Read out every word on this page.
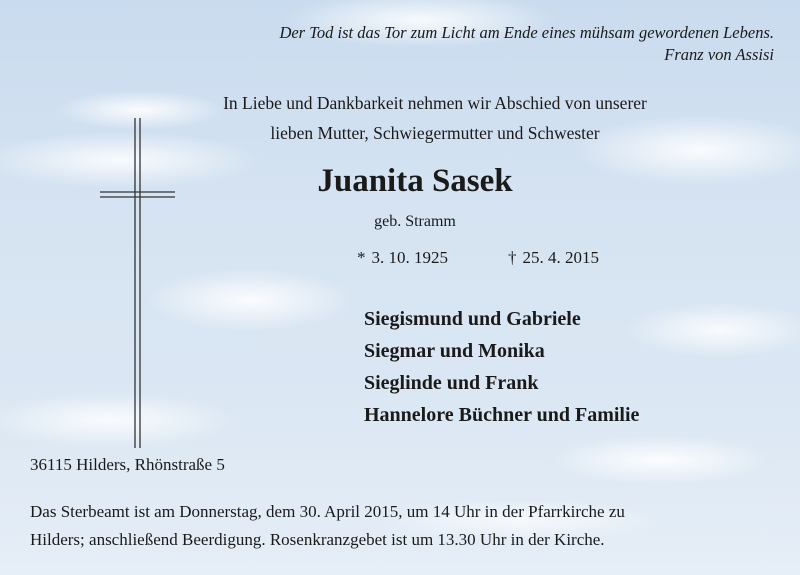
Der Tod ist das Tor zum Licht am Ende eines mühsam gewordenen Lebens.
Franz von Assisi
In Liebe und Dankbarkeit nehmen wir Abschied von unserer
lieben Mutter, Schwiegermutter und Schwester
Juanita Sasek
geb. Stramm
* 3. 10. 1925	† 25. 4. 2015
Siegismund und Gabriele
Siegmar und Monika
Sieglinde und Frank
Hannelore Büchner und Familie
36115 Hilders, Rhönstraße 5
Das Sterbeamt ist am Donnerstag, dem 30. April 2015, um 14 Uhr in der Pfarrkirche zu
Hilders; anschließend Beerdigung. Rosenkranzgebet ist um 13.30 Uhr in der Kirche.
